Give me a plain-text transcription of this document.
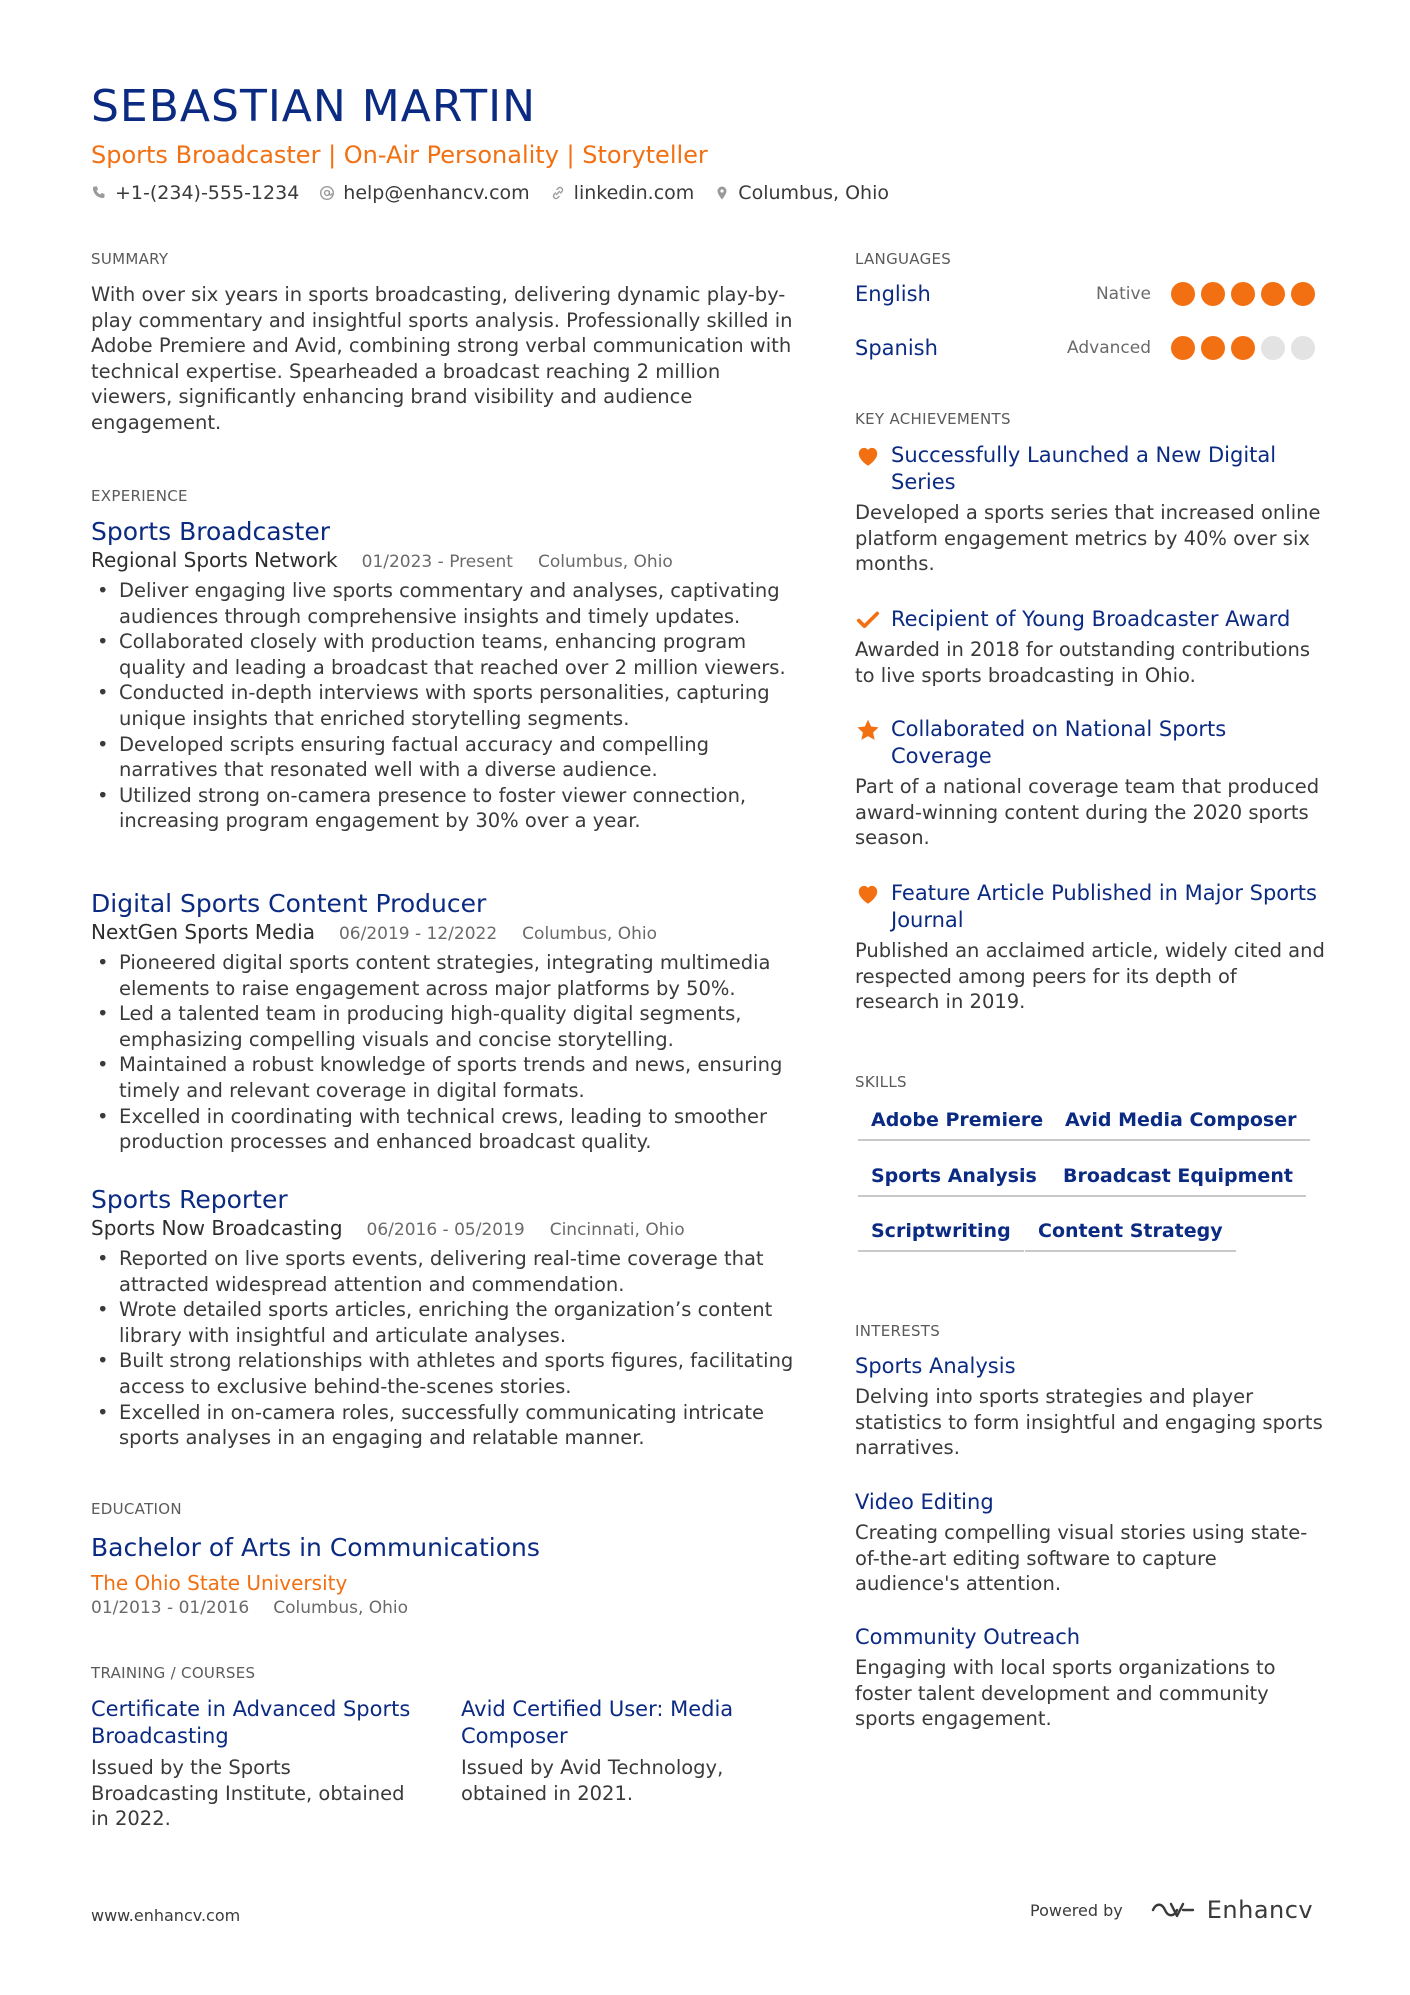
SEBASTIAN MARTIN
Sports Broadcaster | On-Air Personality | Storyteller
+1-(234)-555-1234 help@enhancv.com linkedin.com Columbus, Ohio
SUMMARY
With over six years in sports broadcasting, delivering dynamic play-by-play commentary and insightful sports analysis. Professionally skilled in Adobe Premiere and Avid, combining strong verbal communication with technical expertise. Spearheaded a broadcast reaching 2 million viewers, significantly enhancing brand visibility and audience engagement.
EXPERIENCE
Sports Broadcaster
Regional Sports Network 01/2023 - Present Columbus, Ohio
• Deliver engaging live sports commentary and analyses, captivating audiences through comprehensive insights and timely updates.
• Collaborated closely with production teams, enhancing program quality and leading a broadcast that reached over 2 million viewers.
• Conducted in-depth interviews with sports personalities, capturing unique insights that enriched storytelling segments.
• Developed scripts ensuring factual accuracy and compelling narratives that resonated well with a diverse audience.
• Utilized strong on-camera presence to foster viewer connection, increasing program engagement by 30% over a year.
Digital Sports Content Producer
NextGen Sports Media 06/2019 - 12/2022 Columbus, Ohio
• Pioneered digital sports content strategies, integrating multimedia elements to raise engagement across major platforms by 50%.
• Led a talented team in producing high-quality digital segments, emphasizing compelling visuals and concise storytelling.
• Maintained a robust knowledge of sports trends and news, ensuring timely and relevant coverage in digital formats.
• Excelled in coordinating with technical crews, leading to smoother production processes and enhanced broadcast quality.
Sports Reporter
Sports Now Broadcasting 06/2016 - 05/2019 Cincinnati, Ohio
• Reported on live sports events, delivering real-time coverage that attracted widespread attention and commendation.
• Wrote detailed sports articles, enriching the organization’s content library with insightful and articulate analyses.
• Built strong relationships with athletes and sports figures, facilitating access to exclusive behind-the-scenes stories.
• Excelled in on-camera roles, successfully communicating intricate sports analyses in an engaging and relatable manner.
EDUCATION
Bachelor of Arts in Communications
The Ohio State University
01/2013 - 01/2016 Columbus, Ohio
TRAINING / COURSES
Certificate in Advanced Sports Broadcasting
Issued by the Sports Broadcasting Institute, obtained in 2022.
Avid Certified User: Media Composer
Issued by Avid Technology, obtained in 2021.
LANGUAGES
English	Native
Spanish	Advanced
KEY ACHIEVEMENTS
Successfully Launched a New Digital Series
Developed a sports series that increased online platform engagement metrics by 40% over six months.
Recipient of Young Broadcaster Award
Awarded in 2018 for outstanding contributions to live sports broadcasting in Ohio.
Collaborated on National Sports Coverage
Part of a national coverage team that produced award-winning content during the 2020 sports season.
Feature Article Published in Major Sports Journal
Published an acclaimed article, widely cited and respected among peers for its depth of research in 2019.
SKILLS
Adobe Premiere	Avid Media Composer
Sports Analysis	Broadcast Equipment
Scriptwriting	Content Strategy
INTERESTS
Sports Analysis
Delving into sports strategies and player statistics to form insightful and engaging sports narratives.
Video Editing
Creating compelling visual stories using state-of-the-art editing software to capture audience's attention.
Community Outreach
Engaging with local sports organizations to foster talent development and community sports engagement.
www.enhancv.com	Powered by	Enhancv
